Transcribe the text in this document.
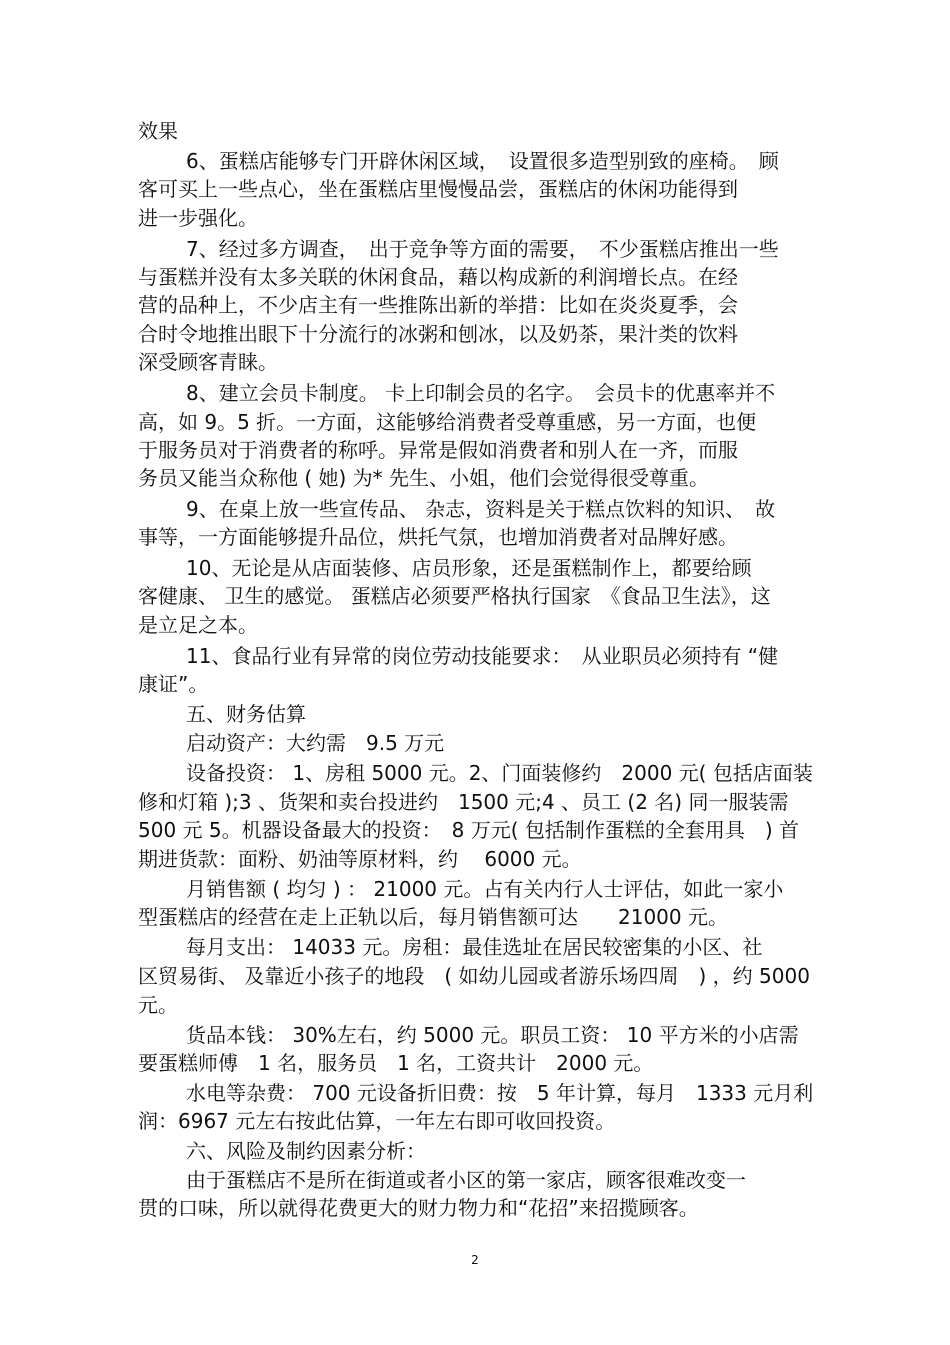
效果
6、蛋糕店能够专门开辟休闲区域，　设置很多造型别致的座椅。　顾
客可买上一些点心，坐在蛋糕店里慢慢品尝，蛋糕店的休闲功能得到
进一步强化。
7、经过多方调查，　出于竞争等方面的需要，　不少蛋糕店推出一些
与蛋糕并没有太多关联的休闲食品，藉以构成新的利润增长点。在经
营的品种上，不少店主有一些推陈出新的举措：比如在炎炎夏季，会
合时令地推出眼下十分流行的冰粥和刨冰，以及奶茶，果汁类的饮料
深受顾客青睐。
8、建立会员卡制度。 卡上印制会员的名字。　会员卡的优惠率并不
高，如 9。5 折。一方面，这能够给消费者受尊重感，另一方面，也便
于服务员对于消费者的称呼。异常是假如消费者和别人在一齐，而服
务员又能当众称他 ( 她) 为* 先生、小姐，他们会觉得很受尊重。
9、在桌上放一些宣传品、 杂志，资料是关于糕点饮料的知识、　故
事等，一方面能够提升品位，烘托气氛，也增加消费者对品牌好感。
10、无论是从店面装修、店员形象，还是蛋糕制作上，都要给顾
客健康、 卫生的感觉。 蛋糕店必须要严格执行国家　《食品卫生法》，这
是立足之本。
11、食品行业有异常的岗位劳动技能要求：　从业职员必须持有 “健
康证”。
五、财务估算
启动资产：大约需　9.5 万元
设备投资： 1、房租 5000 元。2、门面装修约　2000 元( 包括店面装
修和灯箱 );3 、货架和卖台投进约　1500 元;4 、员工 (2 名) 同一服装需
500 元 5。机器设备最大的投资：　8 万元( 包括制作蛋糕的全套用具　) 首
期进货款：面粉、奶油等原材料，约　 6000 元。
月销售额 ( 均匀 ) ： 21000 元。占有关内行人士评估，如此一家小
型蛋糕店的经营在走上正轨以后，每月销售额可达　　21000 元。
每月支出： 14033 元。房租：最佳选址在居民较密集的小区、社
区贸易街、 及靠近小孩子的地段　( 如幼儿园或者游乐场四周　) ，约 5000
元。
货品本钱： 30%左右，约 5000 元。职员工资： 10 平方米的小店需
要蛋糕师傅　1 名，服务员　1 名，工资共计　2000 元。
水电等杂费： 700 元设备折旧费：按　5 年计算，每月　1333 元月利
润：6967 元左右按此估算，一年左右即可收回投资。
六、风险及制约因素分析：
由于蛋糕店不是所在街道或者小区的第一家店，顾客很难改变一
贯的口味，所以就得花费更大的财力物力和“花招”来招揽顾客。
2
